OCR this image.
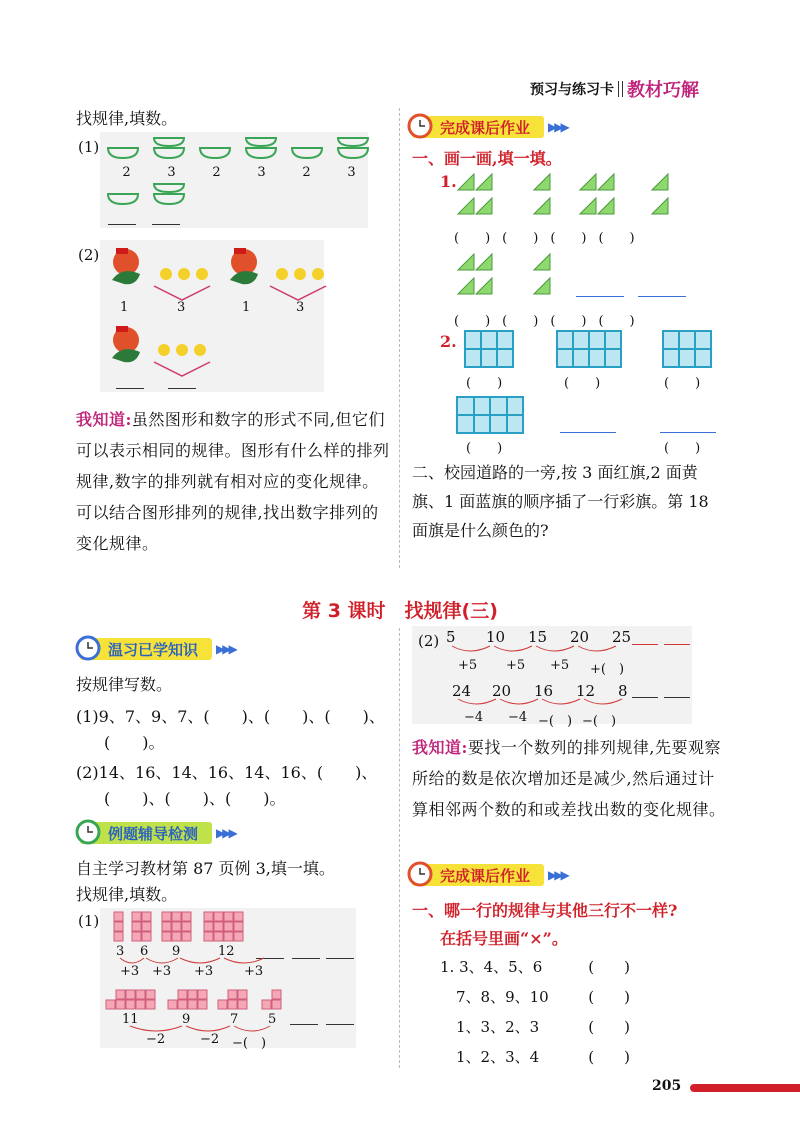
预习与练习卡 教材巧解
找规律,填数。
(1)
2	3	2	3	2	3
(2)
1	3	1	3
我知道:虽然图形和数字的形式不同,但它们可以表示相同的规律。图形有什么样的排列规律,数字的排列就有相对应的变化规律。可以结合图形排列的规律,找出数字排列的变化规律。
完成课后作业	▶▶▶
一、画一画,填一填。
1.
(　　) (　　) (　　) (　　)
(　　) (　　) (　　) (　　)
2.
(　　)	(　　)	(　　)
(　　)	(　　)
二、校园道路的一旁,按 3 面红旗,2 面黄旗、1 面蓝旗的顺序插了一行彩旗。第 18 面旗是什么颜色的?
第 3 课时　找规律(三)
温习已学知识	▶▶▶
按规律写数。
(1)9、7、9、7、(　　)、(　　)、(　　)、
(　　)。
(2)14、16、14、16、14、16、(　　)、
(　　)、(　　)、(　　)。
例题辅导检测	▶▶▶
自主学习教材第 87 页例 3,填一填。
找规律,填数。
(1)
3 6 9	12
+3 +3 +3 +3
11	9	7 5
−2	−2 −(　)
(2) 5	10	15	20	25
+5 +5 +5 +(　)
24	20	16	12	8
−4 −4 −(　) −(　)
我知道:要找一个数列的排列规律,先要观察所给的数是依次增加还是减少,然后通过计算相邻两个数的和或差找出数的变化规律。
完成课后作业	▶▶▶
一、哪一行的规律与其他三行不一样?
在括号里画“×”。
1. 3、4、5、6	(　　)
7、8、9、10	(　　)
1、3、2、3	(　　)
1、2、3、4	(　　)
205
